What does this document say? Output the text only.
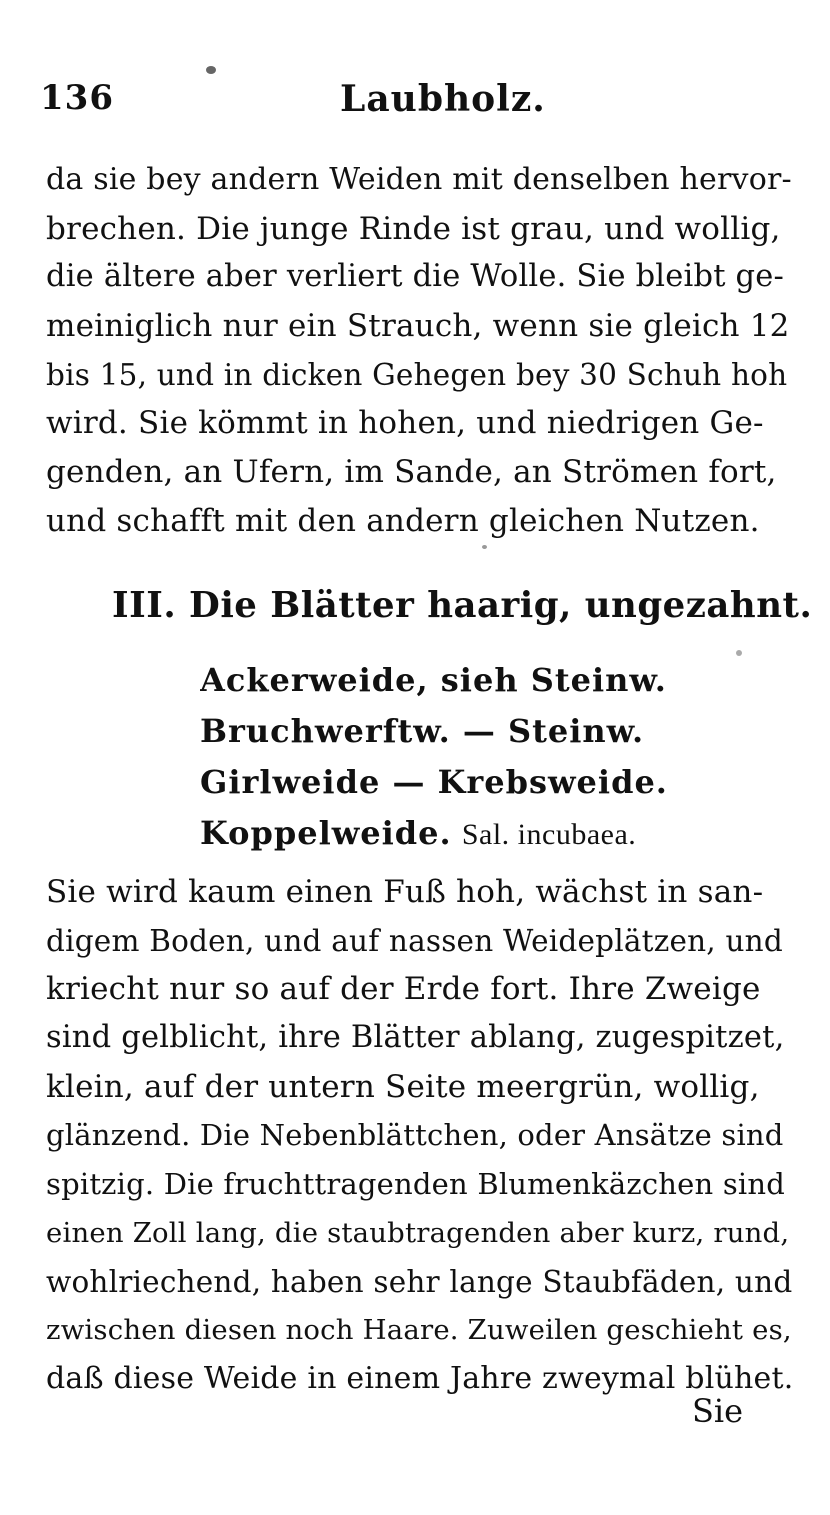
136	Laubholz.
da sie bey andern Weiden mit denselben hervor-
brechen. Die junge Rinde ist grau, und wollig,
die ältere aber verliert die Wolle. Sie bleibt ge-
meiniglich nur ein Strauch, wenn sie gleich 12
bis 15, und in dicken Gehegen bey 30 Schuh hoh
wird. Sie kömmt in hohen, und niedrigen Ge-
genden, an Ufern, im Sande, an Strömen fort,
und schafft mit den andern gleichen Nutzen.
III. Die Blätter haarig, ungezahnt.
Ackerweide, sieh Steinw.
Bruchwerftw. — Steinw.
Girlweide — Krebsweide.
Koppelweide. Sal. incubaea.
Sie wird kaum einen Fuß hoh, wächst in san-
digem Boden, und auf nassen Weideplätzen, und
kriecht nur so auf der Erde fort. Ihre Zweige
sind gelblicht, ihre Blätter ablang, zugespitzet,
klein, auf der untern Seite meergrün, wollig,
glänzend. Die Nebenblättchen, oder Ansätze sind
spitzig. Die fruchttragenden Blumenkäzchen sind
einen Zoll lang, die staubtragenden aber kurz, rund,
wohlriechend, haben sehr lange Staubfäden, und
zwischen diesen noch Haare. Zuweilen geschieht es,
daß diese Weide in einem Jahre zweymal blühet.
Sie
